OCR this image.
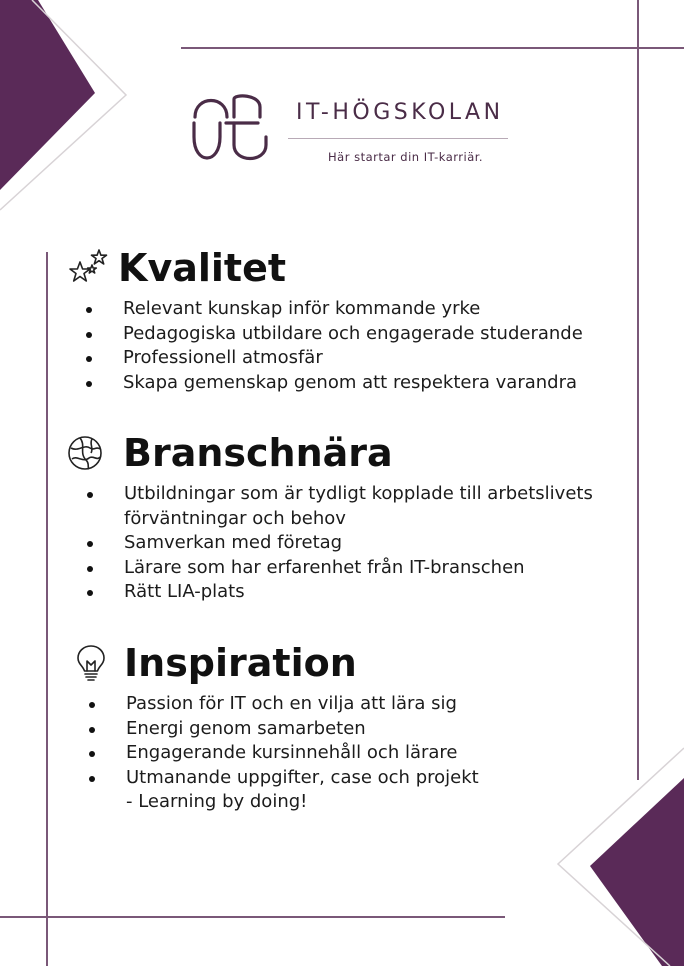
IT-HÖGSKOLAN
Här startar din IT-karriär.
Kvalitet
Relevant kunskap inför kommande yrke
Pedagogiska utbildare och engagerade studerande
Professionell atmosfär
Skapa gemenskap genom att respektera varandra
Branschnära
Utbildningar som är tydligt kopplade till arbetslivets
förväntningar och behov
Samverkan med företag
Lärare som har erfarenhet från IT-branschen
Rätt LIA-plats
Inspiration
Passion för IT och en vilja att lära sig
Energi genom samarbeten
Engagerande kursinnehåll och lärare
Utmanande uppgifter, case och projekt
- Learning by doing!
